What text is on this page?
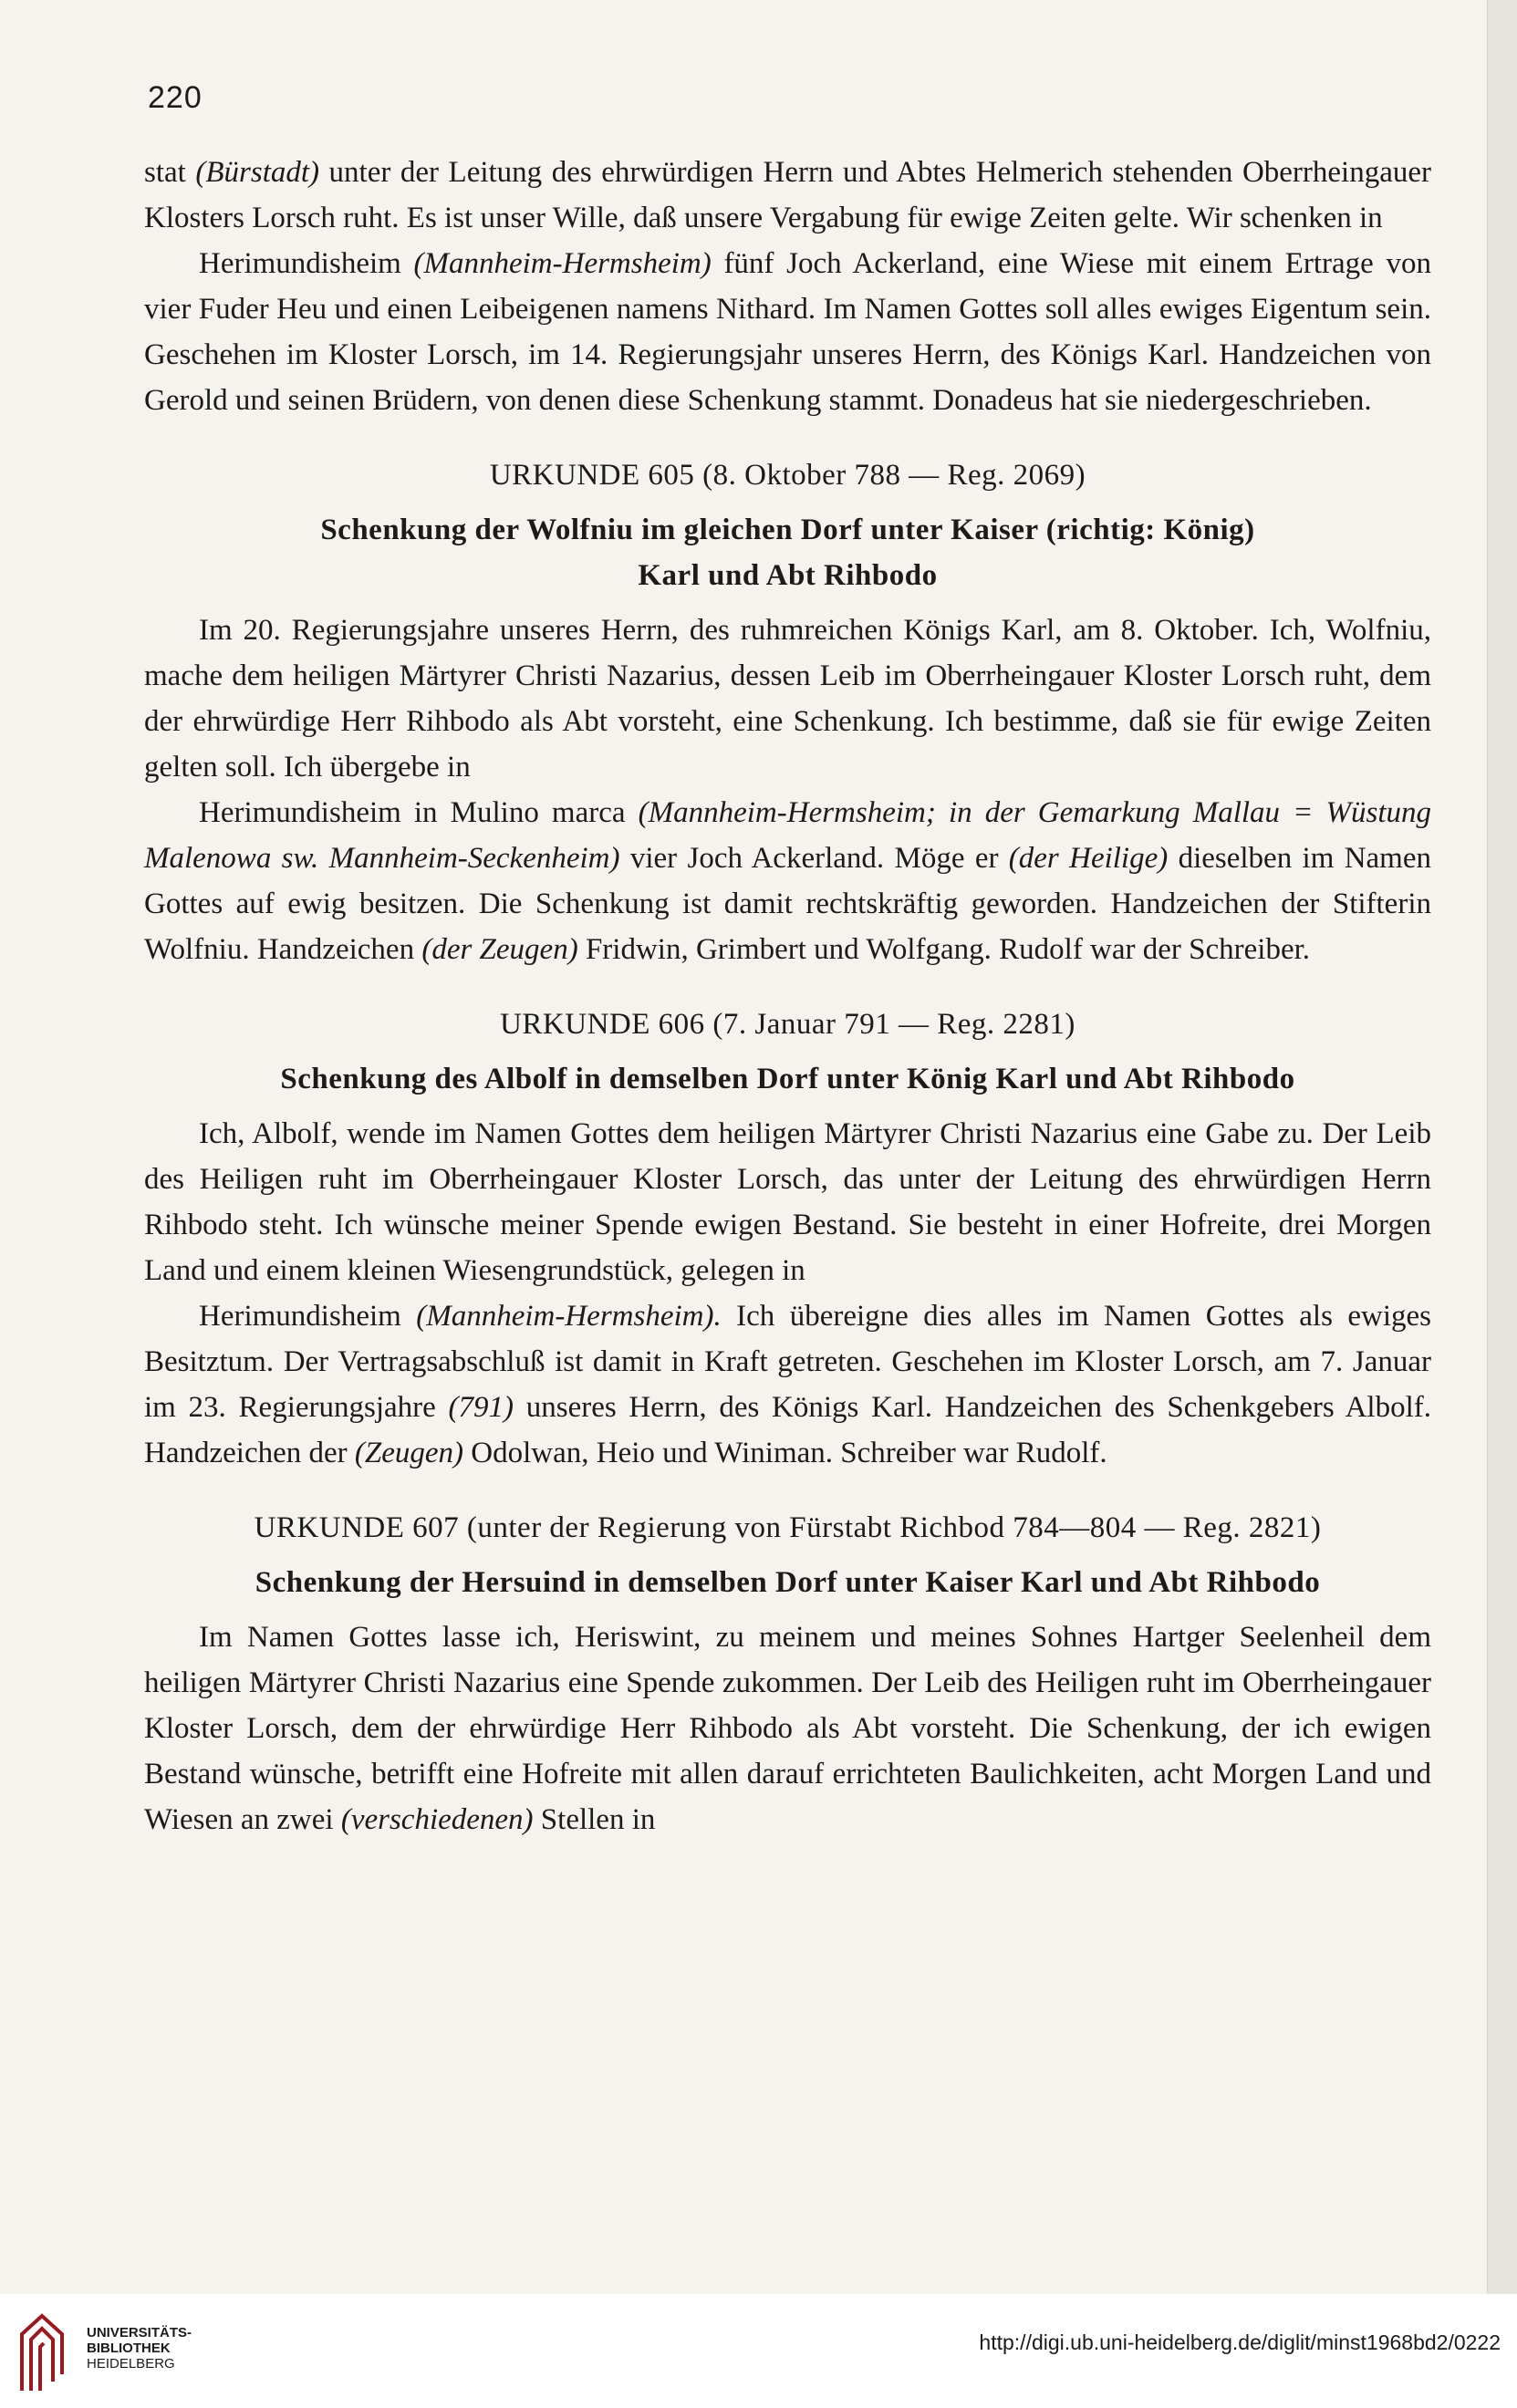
220

stat (Bürstadt) unter der Leitung des ehrwürdigen Herrn und Abtes Helmerich stehenden Oberrheingauer Klosters Lorsch ruht. Es ist unser Wille, daß unsere Vergabung für ewige Zeiten gelte. Wir schenken in

Herimundisheim (Mannheim-Hermsheim) fünf Joch Ackerland, eine Wiese mit einem Ertrage von vier Fuder Heu und einen Leibeigenen namens Nithard. Im Namen Gottes soll alles ewiges Eigentum sein. Geschehen im Kloster Lorsch, im 14. Regierungsjahr unseres Herrn, des Königs Karl. Handzeichen von Gerold und seinen Brüdern, von denen diese Schenkung stammt. Donadeus hat sie niedergeschrieben.

URKUNDE 605 (8. Oktober 788 — Reg. 2069)

Schenkung der Wolfniu im gleichen Dorf unter Kaiser (richtig: König)

Karl und Abt Rihbodo

Im 20. Regierungsjahre unseres Herrn, des ruhmreichen Königs Karl, am 8. Oktober. Ich, Wolfniu, mache dem heiligen Märtyrer Christi Nazarius, dessen Leib im Oberrheingauer Kloster Lorsch ruht, dem der ehrwürdige Herr Rihbodo als Abt vorsteht, eine Schenkung. Ich bestimme, daß sie für ewige Zeiten gelten soll. Ich übergebe in

Herimundisheim in Mulino marca (Mannheim-Hermsheim; in der Gemarkung Mallau = Wüstung Malenowa sw. Mannheim-Seckenheim) vier Joch Ackerland. Möge er (der Heilige) dieselben im Namen Gottes auf ewig besitzen. Die Schenkung ist damit rechtskräftig geworden. Handzeichen der Stifterin Wolfniu. Handzeichen (der Zeugen) Fridwin, Grimbert und Wolfgang. Rudolf war der Schreiber.

URKUNDE 606 (7. Januar 791 — Reg. 2281)

Schenkung des Albolf in demselben Dorf unter König Karl und Abt Rihbodo

Ich, Albolf, wende im Namen Gottes dem heiligen Märtyrer Christi Nazarius eine Gabe zu. Der Leib des Heiligen ruht im Oberrheingauer Kloster Lorsch, das unter der Leitung des ehrwürdigen Herrn Rihbodo steht. Ich wünsche meiner Spende ewigen Bestand. Sie besteht in einer Hofreite, drei Morgen Land und einem kleinen Wiesengrundstück, gelegen in

Herimundisheim (Mannheim-Hermsheim). Ich übereigne dies alles im Namen Gottes als ewiges Besitztum. Der Vertragsabschluß ist damit in Kraft getreten. Geschehen im Kloster Lorsch, am 7. Januar im 23. Regierungsjahre (791) unseres Herrn, des Königs Karl. Handzeichen des Schenkgebers Albolf. Handzeichen der (Zeugen) Odolwan, Heio und Winiman. Schreiber war Rudolf.

URKUNDE 607 (unter der Regierung von Fürstabt Richbod 784—804 — Reg. 2821)

Schenkung der Hersuind in demselben Dorf unter Kaiser Karl und Abt Rihbodo

Im Namen Gottes lasse ich, Heriswint, zu meinem und meines Sohnes Hartger Seelenheil dem heiligen Märtyrer Christi Nazarius eine Spende zukommen. Der Leib des Heiligen ruht im Oberrheingauer Kloster Lorsch, dem der ehrwürdige Herr Rihbodo als Abt vorsteht. Die Schenkung, der ich ewigen Bestand wünsche, betrifft eine Hofreite mit allen darauf errichteten Baulichkeiten, acht Morgen Land und Wiesen an zwei (verschiedenen) Stellen in

UNIVERSITÄTS-
BIBLIOTHEK
HEIDELBERG
http://digi.ub.uni-heidelberg.de/diglit/minst1968bd2/0222
